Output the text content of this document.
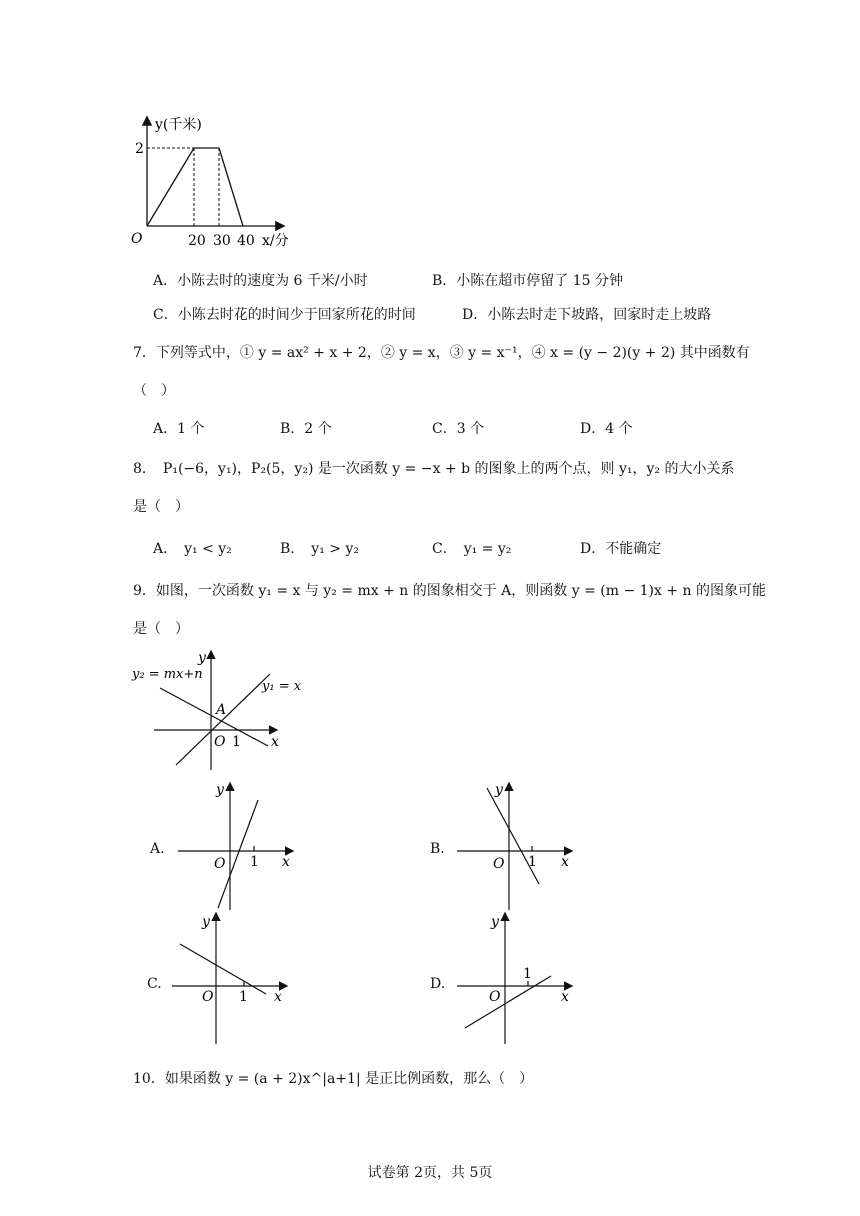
y(千米)
2
O	20 30 40 x/分
A．小陈去时的速度为 6 千米/小时	B．小陈在超市停留了 15 分钟
C．小陈去时花的时间少于回家所花的时间	D．小陈去时走下坡路，回家时走上坡路
7．下列等式中，① y = ax² + x + 2，② y = x，③ y = x⁻¹，④ x = (y − 2)(y + 2) 其中函数有
（　）
A．1 个	B．2 个	C．3 个	D．4 个
8．　P₁(−6，y₁)，P₂(5，y₂) 是一次函数 y = −x + b 的图象上的两个点，则 y₁，y₂ 的大小关系
是（　）
A．　y₁ < y₂	B．　y₁ > y₂	C．　y₁ = y₂	D．不能确定
9．如图，一次函数 y₁ = x 与 y₂ = mx + n 的图象相交于 A，则函数 y = (m − 1)x + n 的图象可能
是（　）
y
y₂ = mx+n
y₁ = x
A
O 1 x
A.
y
O 1 x
B.
y
O 1 x
C.
y
O 1 x
D.
y
O
1
x
10．如果函数 y = (a + 2)x^|a+1| 是正比例函数，那么（　）
试卷第 2页，共 5页
